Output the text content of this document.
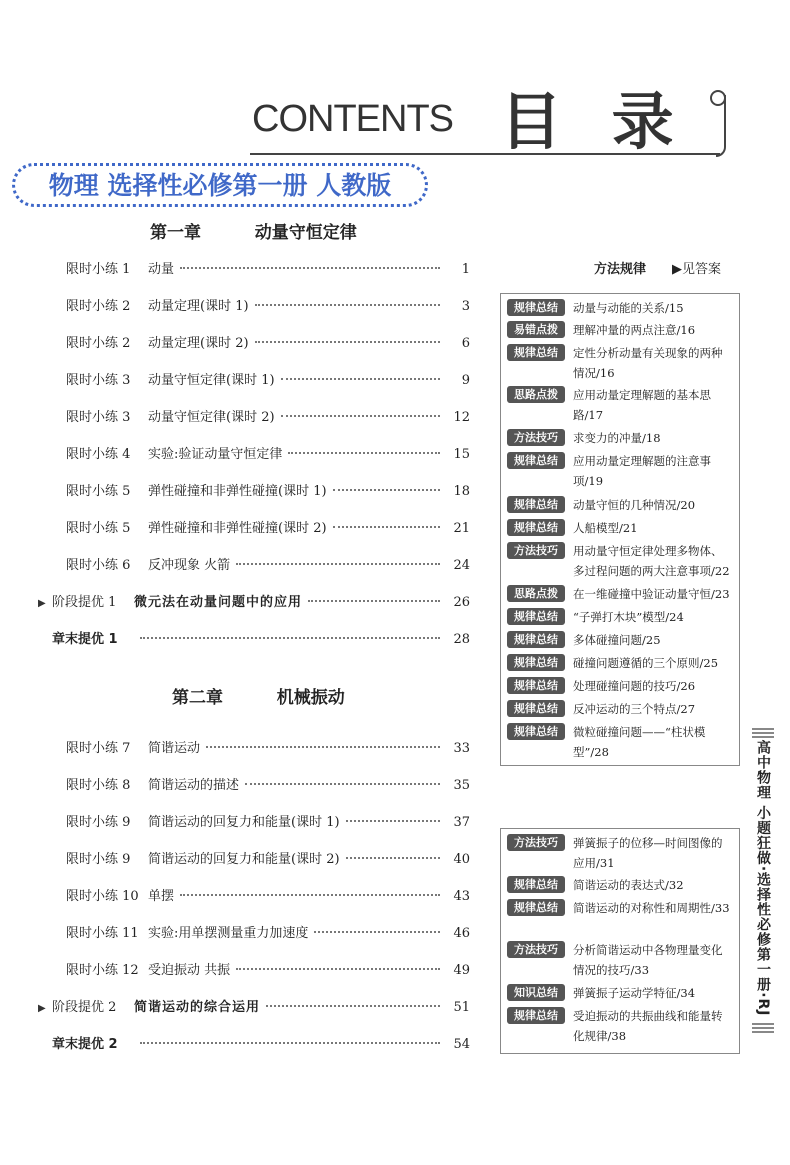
CONTENTS 目 录
物理 选择性必修第一册 人教版
第一章   动量守恒定律
第二章   机械振动
限时小练 1	动量	1
限时小练 2	动量定理(课时 1)	3
限时小练 2	动量定理(课时 2)	6
限时小练 3	动量守恒定律(课时 1)	9
限时小练 3	动量守恒定律(课时 2)	12
限时小练 4	实验:验证动量守恒定律	15
限时小练 5	弹性碰撞和非弹性碰撞(课时 1)	18
限时小练 5	弹性碰撞和非弹性碰撞(课时 2)	21
限时小练 6	反冲现象 火箭	24
▶ 阶段提优 1	微元法在动量问题中的应用	26
章末提优 1	28
限时小练 7	简谐运动	33
限时小练 8	简谐运动的描述	35
限时小练 9	简谐运动的回复力和能量(课时 1)	37
限时小练 9	简谐运动的回复力和能量(课时 2)	40
限时小练 10 单摆	43
限时小练 11 实验:用单摆测量重力加速度	46
限时小练 12 受迫振动 共振	49
▶ 阶段提优 2	简谐运动的综合运用	51
章末提优 2	54
方法规律 ▶见答案
规律总结	动量与动能的关系/15
易错点拨	理解冲量的两点注意/16
规律总结	定性分析动量有关现象的两种情况/16
思路点拨	应用动量定理解题的基本思路/17
方法技巧	求变力的冲量/18
规律总结	应用动量定理解题的注意事项/19
规律总结	动量守恒的几种情况/20
规律总结	人船模型/21
方法技巧	用动量守恒定律处理多物体、多过程问题的两大注意事项/22
思路点拨	在一维碰撞中验证动量守恒/23
规律总结	“子弹打木块”模型/24
规律总结	多体碰撞问题/25
规律总结	碰撞问题遵循的三个原则/25
规律总结	处理碰撞问题的技巧/26
规律总结	反冲运动的三个特点/27
规律总结	微粒碰撞问题——“柱状模型”/28
方法技巧	弹簧振子的位移—时间图像的应用/31
规律总结	简谐运动的表达式/32
规律总结	简谐运动的对称性和周期性/33
方法技巧	分析简谐运动中各物理量变化情况的技巧/33
知识总结	弹簧振子运动学特征/34
规律总结	受迫振动的共振曲线和能量转化规律/38
高中物理 小题狂做·选择性必修第一册·RJ
